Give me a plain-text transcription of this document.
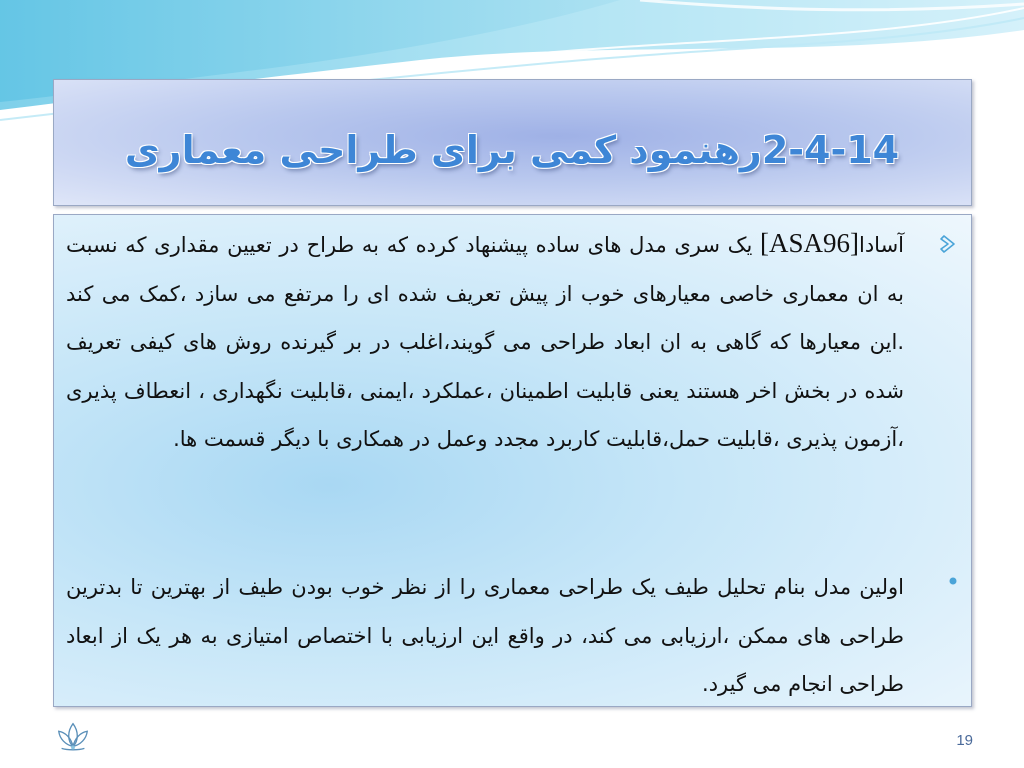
2-4-14رهنمود کمی برای طراحی معماری
آسادا[ASA96] یک سری مدل های ساده پیشنهاد کرده که به طراح در تعیین مقداری که نسبت به ان معماری خاصی معیارهای خوب از پیش تعریف شده ای را مرتفع می سازد ،کمک می کند .این معیارها که گاهی به ان ابعاد طراحی می گویند،اغلب در بر گیرنده روش های کیفی تعریف شده در بخش اخر هستند یعنی قابلیت اطمینان ،عملکرد ،ایمنی ،قابلیت نگهداری ، انعطاف پذیری ،آزمون پذیری ،قابلیت حمل،قابلیت کاربرد مجدد وعمل در همکاری با دیگر قسمت ها.
اولین مدل بنام تحلیل طیف یک طراحی معماری را از نظر خوب بودن طیف از بهترین تا بدترین طراحی های ممکن ،ارزیابی می کند، در واقع این ارزیابی با اختصاص امتیازی به هر یک از ابعاد طراحی انجام می گیرد.
19
